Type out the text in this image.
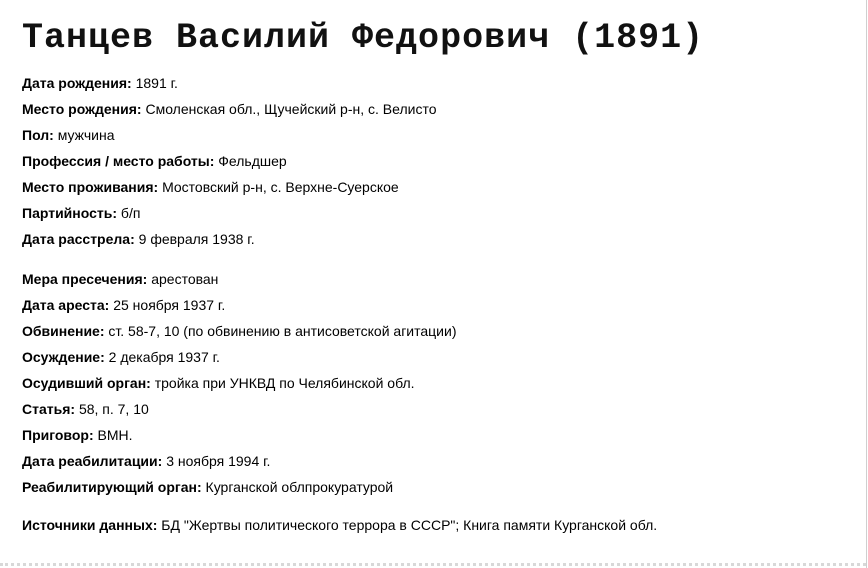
Танцев Василий Федорович (1891)
Дата рождения: 1891 г.
Место рождения: Смоленская обл., Щучейский р-н, с. Велисто
Пол: мужчина
Профессия / место работы: Фельдшер
Место проживания: Мостовский р-н, с. Верхне-Суерское
Партийность: б/п
Дата расстрела: 9 февраля 1938 г.
Мера пресечения: арестован
Дата ареста: 25 ноября 1937 г.
Обвинение: ст. 58-7, 10 (по обвинению в антисоветской агитации)
Осуждение: 2 декабря 1937 г.
Осудивший орган: тройка при УНКВД по Челябинской обл.
Статья: 58, п. 7, 10
Приговор: ВМН.
Дата реабилитации: 3 ноября 1994 г.
Реабилитирующий орган: Курганской облпрокуратурой
Источники данных: БД "Жертвы политического террора в СССР"; Книга памяти Курганской обл.
